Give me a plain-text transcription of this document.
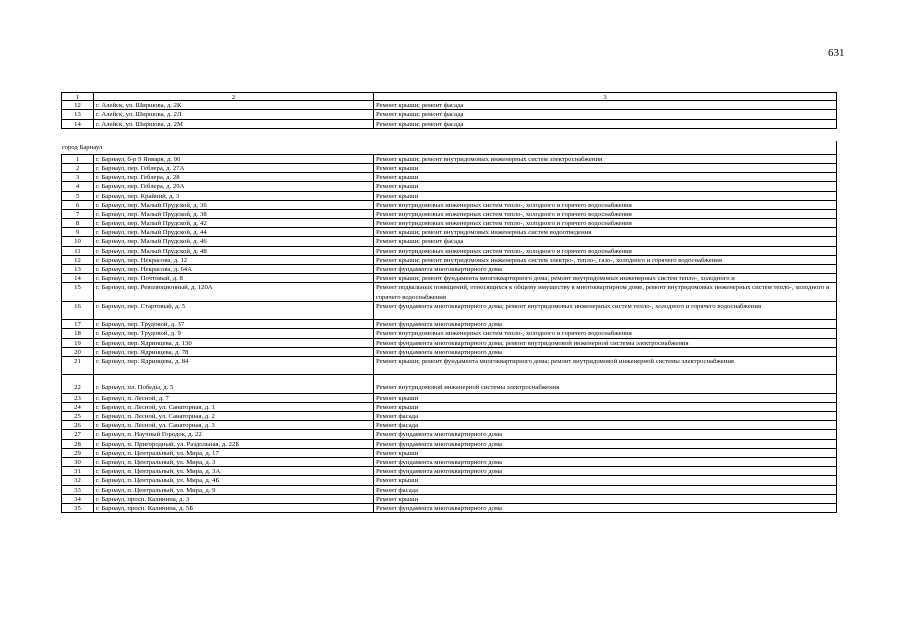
631
1	2	3
12	г. Алейск, ул. Ширшова, д. 2К	Ремонт крыши; ремонт фасада
13	г. Алейск, ул. Ширшова, д. 2Л	Ремонт крыши; ремонт фасада
14	г. Алейск, ул. Ширшова, д. 2М	Ремонт крыши; ремонт фасада
город Барнаул
1	г. Барнаул, б-р 9 Января, д. 90	Ремонт крыши; ремонт внутридомовых инженерных систем электроснабжения
2	г. Барнаул, пер. Геблера, д. 27А	Ремонт крыши
3	г. Барнаул, пер. Геблера, д. 28	Ремонт крыши
4	г. Барнаул, пер. Геблера, д. 29А	Ремонт крыши
5	г. Барнаул, пер. Крайний, д. 3	Ремонт крыши
6	г. Барнаул, пер. Малый Прудской, д. 36	Ремонт внутридомовых инженерных систем тепло-, холодного и горячего водоснабжения
7	г. Барнаул, пер. Малый Прудской, д. 38	Ремонт внутридомовых инженерных систем тепло-, холодного и горячего водоснабжения
8	г. Барнаул, пер. Малый Прудской, д. 42	Ремонт внутридомовых инженерных систем тепло-, холодного и горячего водоснабжения
9	г. Барнаул, пер. Малый Прудской, д. 44	Ремонт крыши; ремонт внутридомовых инженерных систем водоотведения
10	г. Барнаул, пер. Малый Прудской, д. 46	Ремонт крыши; ремонт фасада
11	г. Барнаул, пер. Малый Прудской, д. 48	Ремонт внутридомовых инженерных систем тепло-, холодного и горячего водоснабжения
12	г. Барнаул, пер. Некрасова, д. 12	Ремонт крыши; ремонт внутридомовых инженерных систем электро-, тепло-, газо-, холодного и горячего водоснабжения
13	г. Барнаул, пер. Некрасова, д. 64А	Ремонт фундамента многоквартирного дома
14	г. Барнаул, пер. Почтовый, д. 8	Ремонт крыши; ремонт фундамента многоквартирного дома; ремонт внутридомовых инженерных систем тепло-, холодного и
15	г. Барнаул, пер. Революционный, д. 120А	Ремонт подвальных помещений, относящихся к общему имуществу в многоквартирном доме, ремонт внутридомовых инженерных систем тепло-, холодного и горячего водоснабжения
16	г. Барнаул, пер. Стартовый, д. 5	Ремонт фундамента многоквартирного дома; ремонт внутридомовых инженерных систем тепло-, холодного и горячего водоснабжения
17	г. Барнаул, пер. Трудовой, д. 37	Ремонт фундамента многоквартирного дома
18	г. Барнаул, пер. Трудовой, д. 9	Ремонт внутридомовых инженерных систем тепло-, холодного и горячего водоснабжения
19	г. Барнаул, пер. Ядринцева, д. 130	Ремонт фундамента многоквартирного дома; ремонт внутридомовой инженерной системы электроснабжения
20	г. Барнаул, пер. Ядринцева, д. 78	Ремонт фундамента многоквартирного дома
21	г. Барнаул, пер. Ядринцева, д. 84	Ремонт крыши; ремонт фундамента многоквартирного дома; ремонт внутридомовой инженерной системы электроснабжения
22	г. Барнаул, пл. Победы, д. 5	Ремонт внутридомовой инженерной системы электроснабжения
23	г. Барнаул, п. Лесной, д. 7	Ремонт крыши
24	г. Барнаул, п. Лесной, ул. Санаторная, д. 1	Ремонт крыши
25	г. Барнаул, п. Лесной, ул. Санаторная, д. 2	Ремонт фасада
26	г. Барнаул, п. Лесной, ул. Санаторная, д. 3	Ремонт фасада
27	г. Барнаул, п. Научный Городок, д. 22	Ремонт фундамента многоквартирного дома
28	г. Барнаул, п. Пригородный, ул. Раздольная, д. 22Б	Ремонт фундамента многоквартирного дома
29	г. Барнаул, п. Центральный, ул. Мира, д. 17	Ремонт крыши
30	г. Барнаул, п. Центральный, ул. Мира, д. 3	Ремонт фундамента многоквартирного дома
31	г. Барнаул, п. Центральный, ул. Мира, д. 3А	Ремонт фундамента многоквартирного дома
32	г. Барнаул, п. Центральный, ул. Мира, д. 4Б	Ремонт крыши
33	г. Барнаул, п. Центральный, ул. Мира, д. 9	Ремонт фасада
34	г. Барнаул, просп. Калинина, д. 3	Ремонт крыши
35	г. Барнаул, просп. Калинина, д. 5Б	Ремонт фундамента многоквартирного дома
